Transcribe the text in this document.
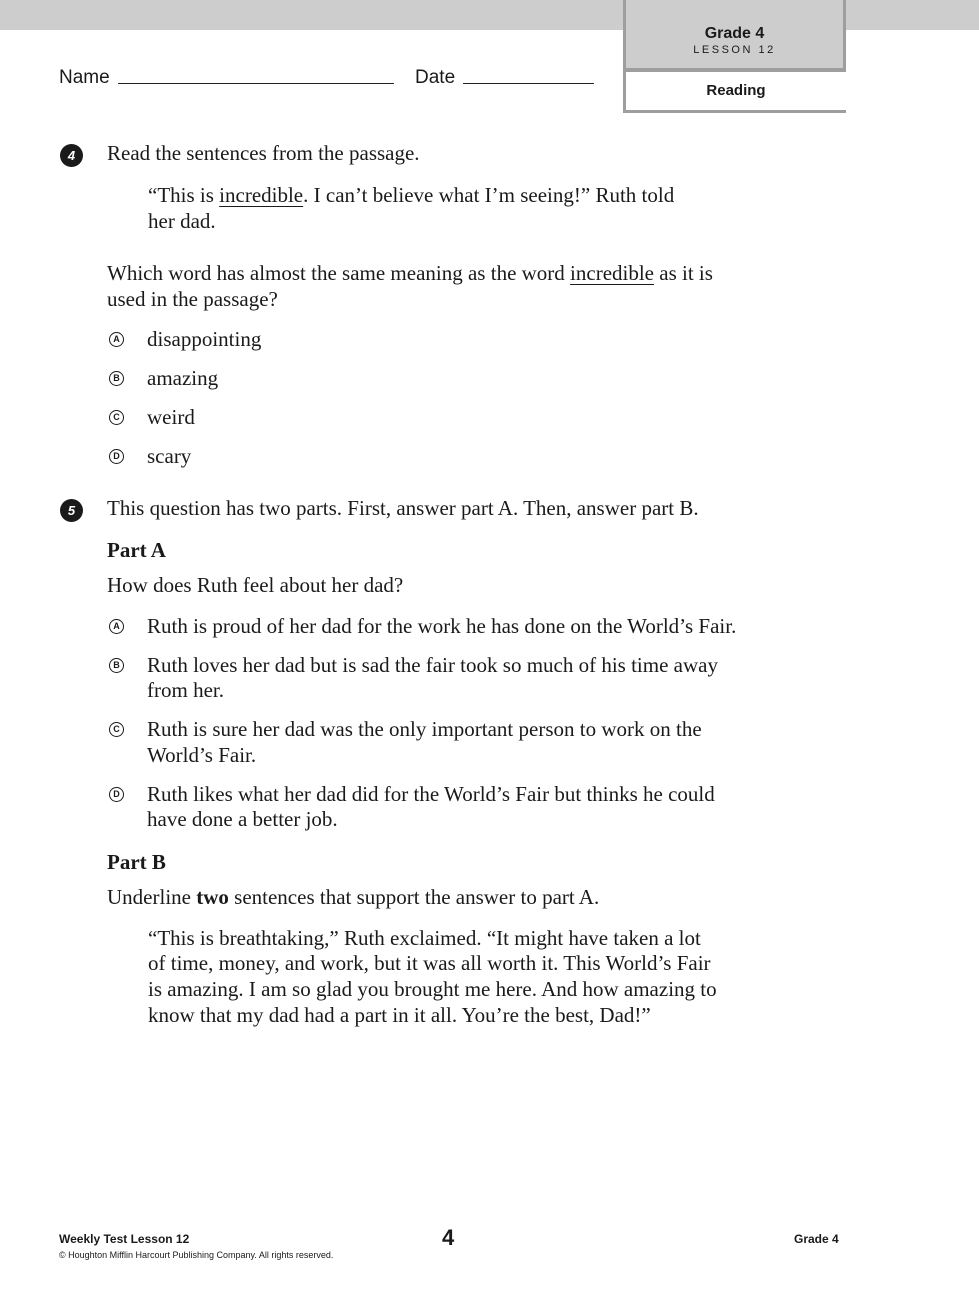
Grade 4
LESSON 12
Reading
Name	Date
4	Read the sentences from the passage.

“This is incredible. I can’t believe what I’m seeing!” Ruth told

her dad.

Which word has almost the same meaning as the word incredible as it is

used in the passage?

A disappointing

B amazing

C weird

D scary

5	This question has two parts. First, answer part A. Then, answer part B.

Part A

How does Ruth feel about her dad?

A Ruth is proud of her dad for the work he has done on the World’s Fair.

B Ruth loves her dad but is sad the fair took so much of his time away

from her.

C Ruth is sure her dad was the only important person to work on the

World’s Fair.

D Ruth likes what her dad did for the World’s Fair but thinks he could

have done a better job.

Part B

Underline two sentences that support the answer to part A.

“This is breathtaking,” Ruth exclaimed. “It might have taken a lot

of time, money, and work, but it was all worth it. This World’s Fair

is amazing. I am so glad you brought me here. And how amazing to

know that my dad had a part in it all. You’re the best, Dad!”

Weekly Test Lesson 12
© Houghton Mifflin Harcourt Publishing Company. All rights reserved.
4	Grade 4
